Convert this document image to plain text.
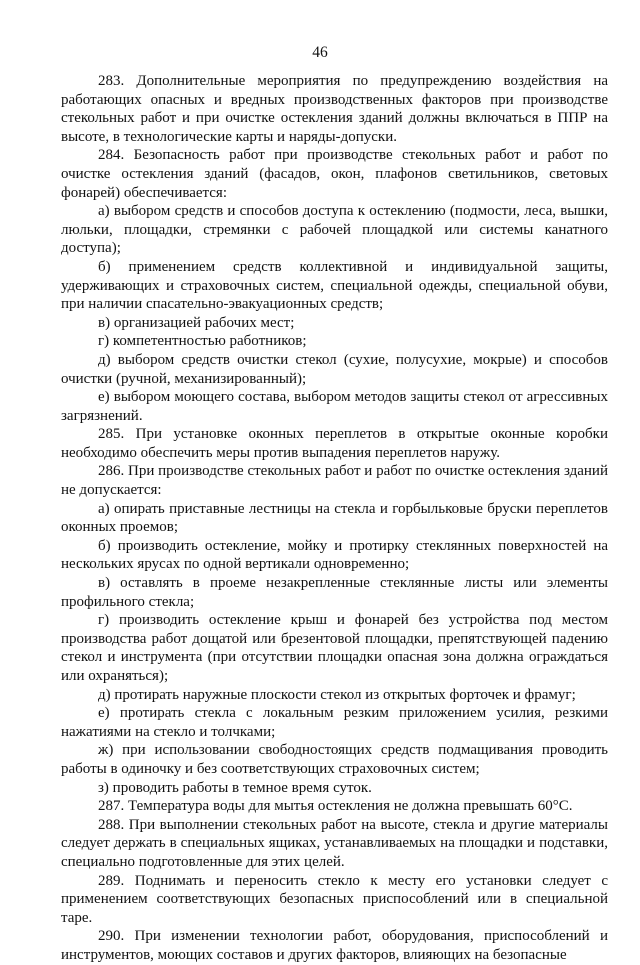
46

283. Дополнительные мероприятия по предупреждению воздействия на работающих опасных и вредных производственных факторов при производстве стекольных работ и при очистке остекления зданий должны включаться в ППР на высоте, в технологические карты и наряды-допуски.

284. Безопасность работ при производстве стекольных работ и работ по очистке остекления зданий (фасадов, окон, плафонов светильников, световых фонарей) обеспечивается:

а) выбором средств и способов доступа к остеклению (подмости, леса, вышки, люльки, площадки, стремянки с рабочей площадкой или системы канатного доступа);

б) применением средств коллективной и индивидуальной защиты, удерживающих и страховочных систем, специальной одежды, специальной обуви, при наличии спасательно-эвакуационных средств;

в) организацией рабочих мест;

г) компетентностью работников;

д) выбором средств очистки стекол (сухие, полусухие, мокрые) и способов очистки (ручной, механизированный);

е) выбором моющего состава, выбором методов защиты стекол от агрессивных загрязнений.

285. При установке оконных переплетов в открытые оконные коробки необходимо обеспечить меры против выпадения переплетов наружу.

286. При производстве стекольных работ и работ по очистке остекления зданий не допускается:

а) опирать приставные лестницы на стекла и горбыльковые бруски переплетов оконных проемов;

б) производить остекление, мойку и протирку стеклянных поверхностей на нескольких ярусах по одной вертикали одновременно;

в) оставлять в проеме незакрепленные стеклянные листы или элементы профильного стекла;

г) производить остекление крыш и фонарей без устройства под местом производства работ дощатой или брезентовой площадки, препятствующей падению стекол и инструмента (при отсутствии площадки опасная зона должна ограждаться или охраняться);

д) протирать наружные плоскости стекол из открытых форточек и фрамуг;

е) протирать стекла с локальным резким приложением усилия, резкими нажатиями на стекло и толчками;

ж) при использовании свободностоящих средств подмащивания проводить работы в одиночку и без соответствующих страховочных систем;

з) проводить работы в темное время суток.

287. Температура воды для мытья остекления не должна превышать 60°С.

288. При выполнении стекольных работ на высоте, стекла и другие материалы следует держать в специальных ящиках, устанавливаемых на площадки и подставки, специально подготовленные для этих целей.

289. Поднимать и переносить стекло к месту его установки следует с применением соответствующих безопасных приспособлений или в специальной таре.

290. При изменении технологии работ, оборудования, приспособлений и инструментов, моющих составов и других факторов, влияющих на безопасные
